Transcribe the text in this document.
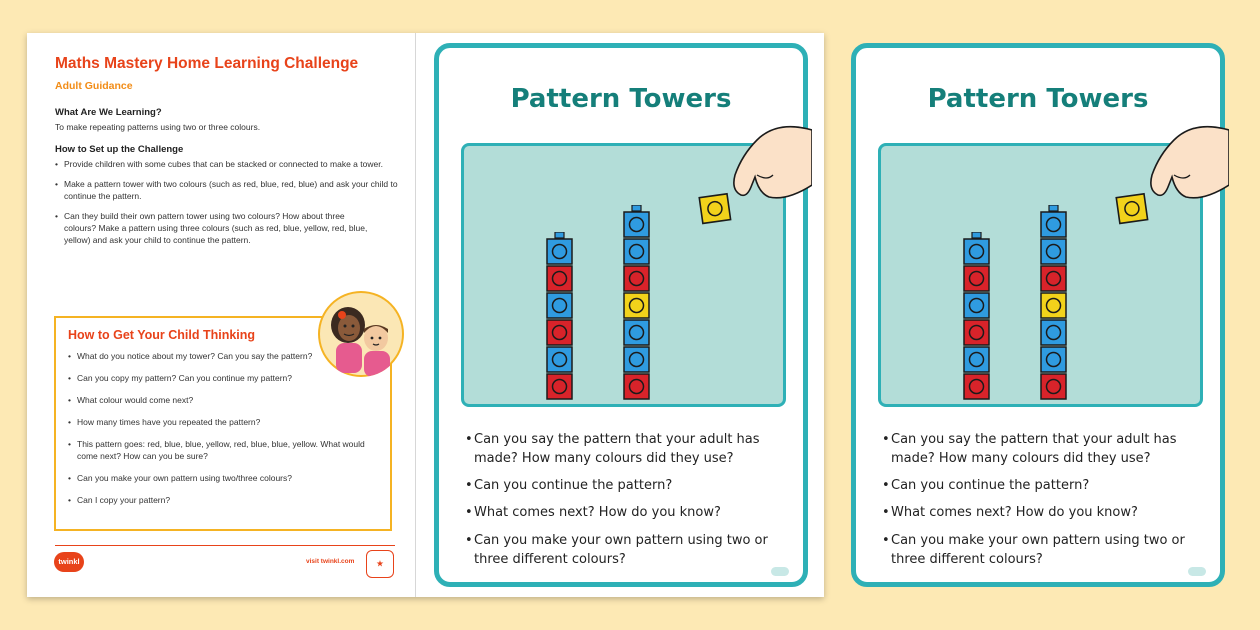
Maths Mastery Home Learning Challenge
Adult Guidance
What Are We Learning?
To make repeating patterns using two or three colours.
How to Set up the Challenge
• Provide children with some cubes that can be stacked or connected to make a tower.
• Make a pattern tower with two colours (such as red, blue, red, blue) and ask your child to continue the pattern.
• Can they build their own pattern tower using two colours? How about three colours? Make a pattern using three colours (such as red, blue, yellow, red, blue, yellow) and ask your child to continue the pattern.
How to Get Your Child Thinking
• What do you notice about my tower? Can you say the pattern?
• Can you copy my pattern? Can you continue my pattern?
• What colour would come next?
• How many times have you repeated the pattern?
• This pattern goes: red, blue, blue, yellow, red, blue, blue, yellow. What would come next? How can you be sure?
• Can you make your own pattern using two/three colours?
• Can I copy your pattern?
twinkl	visit twinkl.com	★
Pattern Towers
• Can you say the pattern that your adult has made? How many colours did they use?
• Can you continue the pattern?
• What comes next? How do you know?
• Can you make your own pattern using two or three different colours?
Pattern Towers
• Can you say the pattern that your adult has made? How many colours did they use?
• Can you continue the pattern?
• What comes next? How do you know?
• Can you make your own pattern using two or three different colours?
